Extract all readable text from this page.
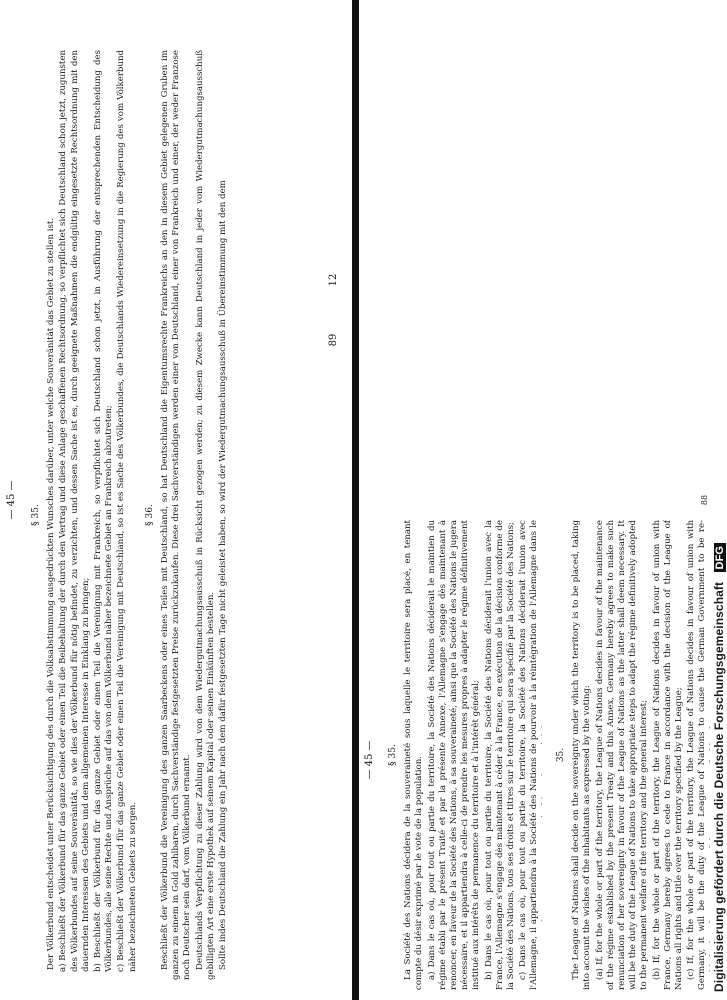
— 45 — § 35. Der Völkerbund entscheidet unter Berücksichtigung des durch die Volksabstimmung ausgedrückten Wunsches darüber, unter welche Souveränität das Gebiet zu stellen ist. a) Beschließt der Völkerbund für das ganze Gebiet oder einen Teil die Beibehaltung der durch den Vertrag und diese Anlage geschaffenen Rechtsordnung, so verpflichtet sich Deutschland schon jetzt, zugunsten des Völkerbundes auf seine Souveränität, so wie dies der Völkerbund für nötig befindet, zu verzichten, und dessen Sache ist es, durch geeignete Maßnahmen die endgültig eingesetzte Rechtsordnung mit den dauernden Interessen des Gebiets und dem allgemeinen Interesse in Einklang zu bringen; b) Beschließt der Völkerbund für das ganze Gebiet oder einen Teil die Vereinigung mit Frankreich, so verpflichtet sich Deutschland schon jetzt, in Ausführung der entsprechenden Entscheidung des Völkerbundes, alle seine Rechte und Ansprüche auf das von dem Völkerbund näher bezeichnete Gebiet an Frankreich abzutreten; c) Beschließt der Völkerbund für das ganze Gebiet oder einen Teil die Vereinigung mit Deutschland, so ist es Sache des Völkerbundes, die Deutschlands Wiedereinsetzung in die Regierung des vom Völkerbund näher bezeichneten Gebiets zu sorgen.

§ 36. Beschließt der Völkerbund die Vereinigung des ganzen Saarbeckens oder eines Teiles mit Deutschland, so hat Deutschland die Eigentumsrechte Frankreichs an den in diesem Gebiet gelegenen Gruben im ganzen zu einem in Gold zahlbaren, durch Sachverständige festgesetzten Preise zurückzukaufen. Diese drei Sachverständigen werden einer von Deutschland, einer von Frankreich und einer, der weder Franzose noch Deutscher sein darf, vom Völkerbund ernannt. Deutschlands Verpflichtung zu dieser Zahlung wird von dem Wiedergutmachungsausschuß in Rücksicht gezogen werden; zu diesem Zwecke kann Deutschland in jeder vom Wiedergutmachungsausschuß gebilligten Art eine erste Hypothek auf seinem Kapital oder seinen Einkünften bestellen. Sollte indes Deutschland die Zahlung ein Jahr nach dem dafür festgesetzten Tage nicht geleistet haben, so wird der Wiedergutmachungsausschuß in Übereinstimmung mit den dem	89
12
— 45 — § 35. La Société des Nations décidera de la souveraineté sous laquelle le territoire sera placé, en tenant compte du désir exprimé par le vote de la population. a) Dans le cas où, pour tout ou partie du territoire, la Société des Nations déciderait le maintien du régime établi par le présent Traité et par la présente Annexe, l'Allemagne s'engage dès maintenant à renoncer, en faveur de la Société des Nations, à sa souveraineté, ainsi que la Société des Nations le jugera nécessaire, et il appartiendra à celle-ci de prendre les mesures propres à adapter le régime définitivement institué aux intérêts de permanence du territoire et à l'intérêt général; b) Dans le cas où, pour tout ou partie du territoire, la Société des Nations déciderait l'union avec la France, l'Allemagne s'engage dès maintenant à céder à la France, en exécution de la décision conforme de la Société des Nations, tous ses droits et titres sur le territoire qui sera spécifié par la Société des Nations; c) Dans le cas où, pour tout ou partie du territoire, la Société des Nations déciderait l'union avec l'Allemagne, il appartiendra à la Société des Nations de pourvoir à la réintégration de l'Allemagne dans le

35. The League of Nations shall decide on the sovereignty under which the territory is to be placed, taking into account the wishes of the inhabitants as expressed by the voting: (a) If, for the whole or part of the territory, the League of Nations decides in favour of the maintenance of the régime established by the present Treaty and this Annex, Germany hereby agrees to make such renunciation of her sovereignty in favour of the League of Nations as the latter shall deem necessary. It will be the duty of the League of Nations to take appropriate steps to adapt the régime definitively adopted to the permanent welfare of the territory and the general interest; (b) If, for the whole or part of the territory, the League of Nations decides in favour of union with France, Germany hereby agrees to cede to France in accordance with the decision of the League of Nations all rights and title over the territory specified by the League; (c) If, for the whole or part of the territory, the League of Nations decides in favour of union with Germany, it will be the duty of the League of Nations to cause the German Government to be re-

88
Digitalisierung gefördert durch die Deutsche Forschungsgemeinschaft DFG
